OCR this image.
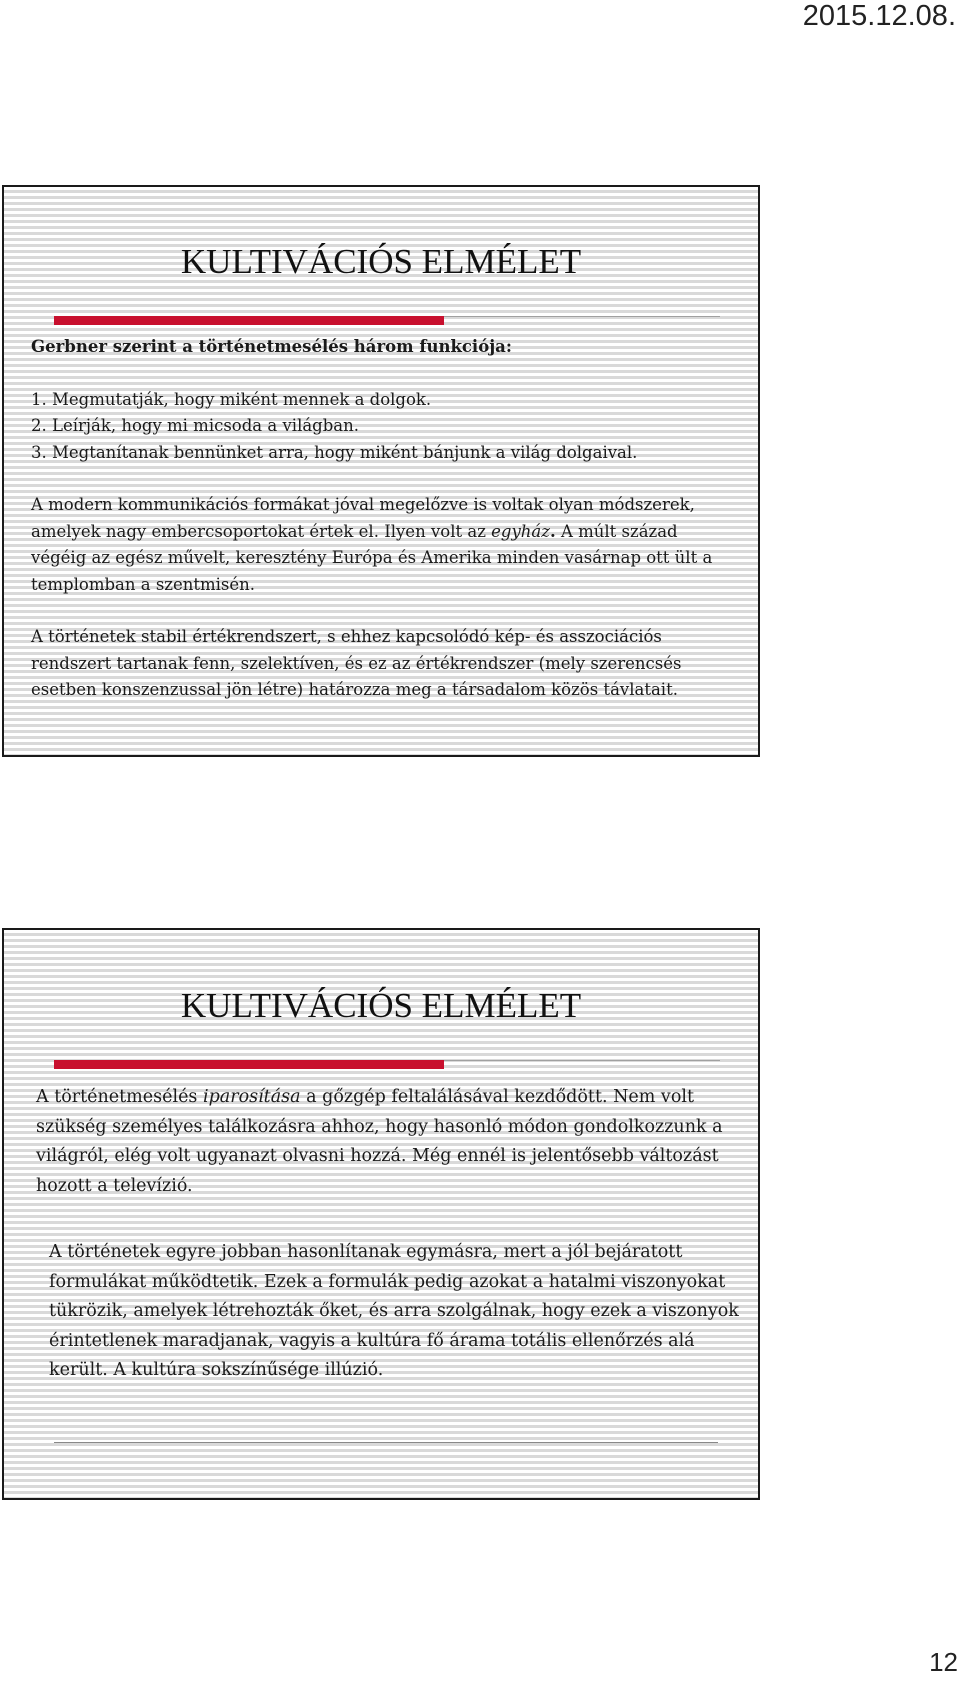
2015.12.08.
KULTIVÁCIÓS ELMÉLET

Gerbner szerint a történetmesélés három funkciója:

1. Megmutatják, hogy miként mennek a dolgok.

2. Leírják, hogy mi micsoda a világban.

3. Megtanítanak bennünket arra, hogy miként bánjunk a világ dolgaival.

A modern kommunikációs formákat jóval megelőzve is voltak olyan módszerek, amelyek nagy embercsoportokat értek el. Ilyen volt az egyház. A múlt század végéig az egész művelt, keresztény Európa és Amerika minden vasárnap ott ült a templomban a szentmisén.

A történetek stabil értékrendszert, s ehhez kapcsolódó kép- és asszociációs rendszert tartanak fenn, szelektíven, és ez az értékrendszer (mely szerencsés esetben konszenzussal jön létre) határozza meg a társadalom közös távlatait.

KULTIVÁCIÓS ELMÉLET

A történetmesélés iparosítása a gőzgép feltalálásával kezdődött. Nem volt szükség személyes találkozásra ahhoz, hogy hasonló módon gondolkozzunk a világról, elég volt ugyanazt olvasni hozzá. Még ennél is jelentősebb változást hozott a televízió.

A történetek egyre jobban hasonlítanak egymásra, mert a jól bejáratott formulákat működtetik. Ezek a formulák pedig azokat a hatalmi viszonyokat tükrözik, amelyek létrehozták őket, és arra szolgálnak, hogy ezek a viszonyok érintetlenek maradjanak, vagyis a kultúra fő árama totális ellenőrzés alá került. A kultúra sokszínűsége illúzió.

12
